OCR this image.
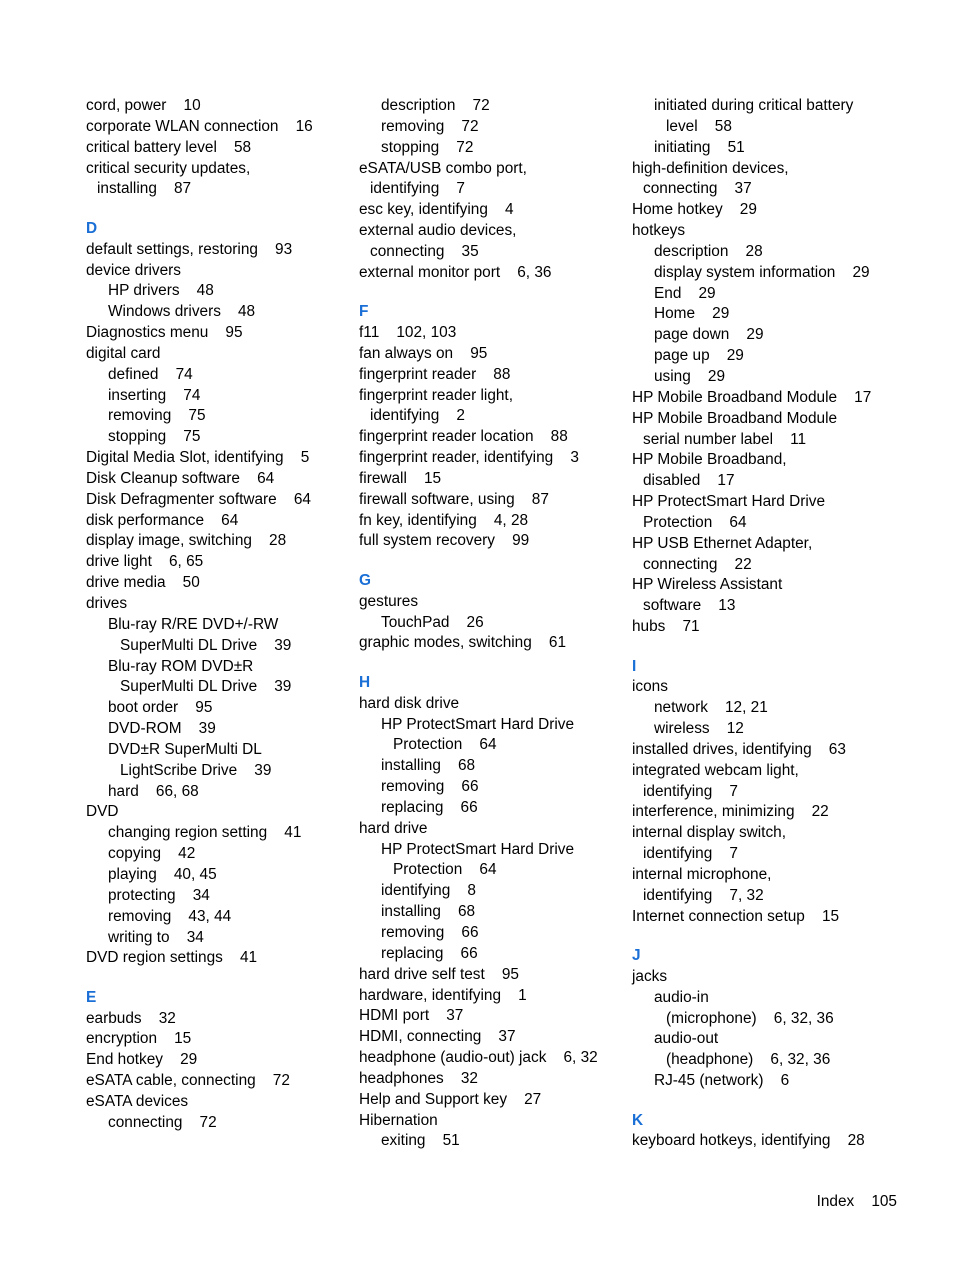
cord, power    10
corporate WLAN connection    16
critical battery level    58
critical security updates,
installing    87
D
default settings, restoring    93
device drivers
HP drivers    48
Windows drivers    48
Diagnostics menu    95
digital card
defined    74
inserting    74
removing    75
stopping    75
Digital Media Slot, identifying    5
Disk Cleanup software    64
Disk Defragmenter software    64
disk performance    64
display image, switching    28
drive light    6, 65
drive media    50
drives
Blu-ray R/RE DVD+/-RW
SuperMulti DL Drive    39
Blu-ray ROM DVD±R
SuperMulti DL Drive    39
boot order    95
DVD-ROM    39
DVD±R SuperMulti DL
LightScribe Drive    39
hard    66, 68
DVD
changing region setting    41
copying    42
playing    40, 45
protecting    34
removing    43, 44
writing to    34
DVD region settings    41
E
earbuds    32
encryption    15
End hotkey    29
eSATA cable, connecting    72
eSATA devices
connecting    72
description    72
removing    72
stopping    72
eSATA/USB combo port,
identifying    7
esc key, identifying    4
external audio devices,
connecting    35
external monitor port    6, 36
F
f11    102, 103
fan always on    95
fingerprint reader    88
fingerprint reader light,
identifying    2
fingerprint reader location    88
fingerprint reader, identifying    3
firewall    15
firewall software, using    87
fn key, identifying    4, 28
full system recovery    99
G
gestures
TouchPad    26
graphic modes, switching    61
H
hard disk drive
HP ProtectSmart Hard Drive
Protection    64
installing    68
removing    66
replacing    66
hard drive
HP ProtectSmart Hard Drive
Protection    64
identifying    8
installing    68
removing    66
replacing    66
hard drive self test    95
hardware, identifying    1
HDMI port    37
HDMI, connecting    37
headphone (audio-out) jack    6, 32
headphones    32
Help and Support key    27
Hibernation
exiting    51
initiated during critical battery
level    58
initiating    51
high-definition devices,
connecting    37
Home hotkey    29
hotkeys
description    28
display system information    29
End    29
Home    29
page down    29
page up    29
using    29
HP Mobile Broadband Module    17
HP Mobile Broadband Module
serial number label    11
HP Mobile Broadband,
disabled    17
HP ProtectSmart Hard Drive
Protection    64
HP USB Ethernet Adapter,
connecting    22
HP Wireless Assistant
software    13
hubs    71
I
icons
network    12, 21
wireless    12
installed drives, identifying    63
integrated webcam light,
identifying    7
interference, minimizing    22
internal display switch,
identifying    7
internal microphone,
identifying    7, 32
Internet connection setup    15
J
jacks
audio-in
(microphone)    6, 32, 36
audio-out
(headphone)    6, 32, 36
RJ-45 (network)    6
K
keyboard hotkeys, identifying    28
Index    105
